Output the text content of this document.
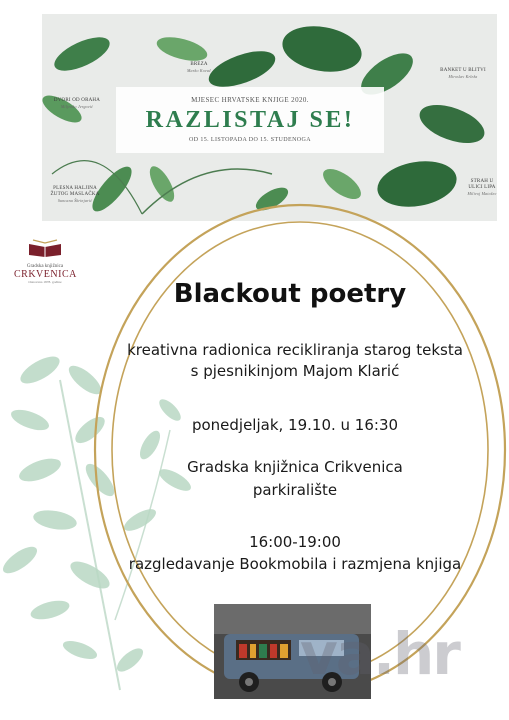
BREZA
Marko Kovač
DVORI OD ORAHA
Miljenko Jergović
PLESNA HALJINA ŽUTOG MASLAČKA
Suncana Škrinjarić
BANKET U BLITVI
Miroslav Krleža
STRAH U ULICI LIPA
Milivoj Matošec
MJESEC HRVATSKE KNJIGE 2020.
RAZLISTAJ SE!
OD 15. LISTOPADA DO 15. STUDENOGA
Gradska knjižnica
CRKVENICA
Osnovana 1878. godine	Blackout poetry
kreativna radionica recikliranja starog teksta
s pjesnikinjom Majom Klarić
ponedjeljak, 19.10. u 16:30
Gradska knjižnica Crikvenica
parkiralište
16:00-19:00
razgledavanje Bookmobila i razmjena knjiga
va.hr
